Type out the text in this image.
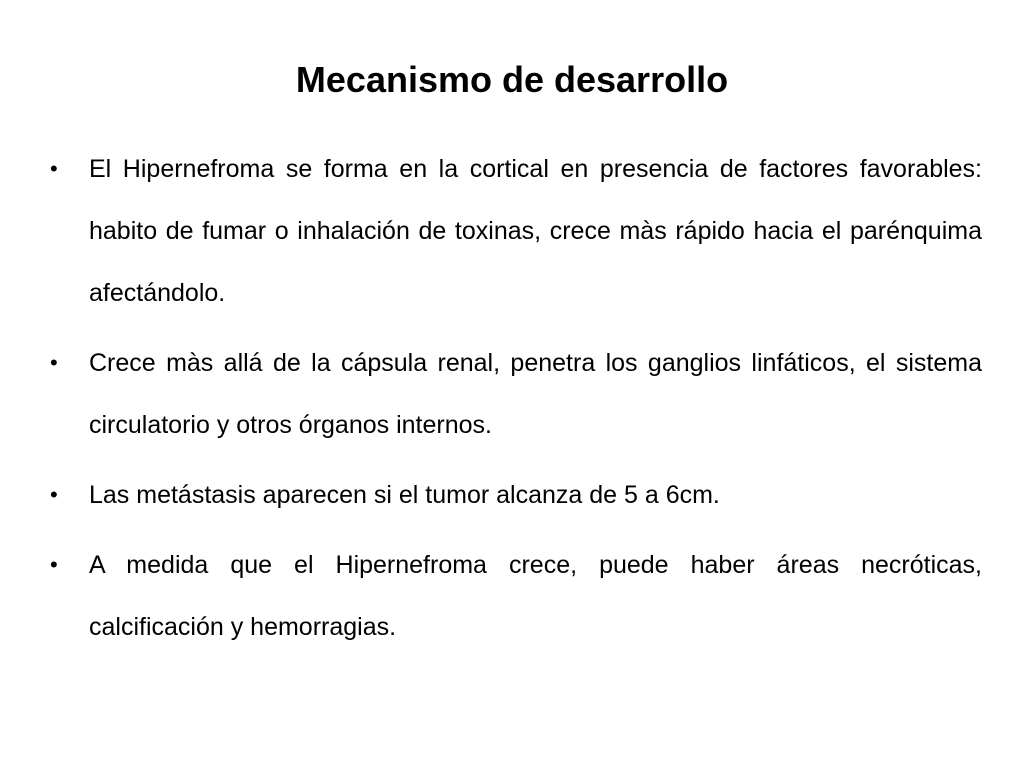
Mecanismo de desarrollo
• El Hipernefroma se forma en la cortical en presencia de factores favorables: habito de fumar o inhalación de toxinas, crece màs rápido hacia el parénquima afectándolo.
• Crece màs allá de la cápsula renal, penetra los ganglios linfáticos, el sistema circulatorio y otros órganos internos.
• Las metástasis aparecen si el tumor alcanza de 5 a 6cm.
• A medida que el Hipernefroma crece, puede haber áreas necróticas, calcificación y hemorragias.
